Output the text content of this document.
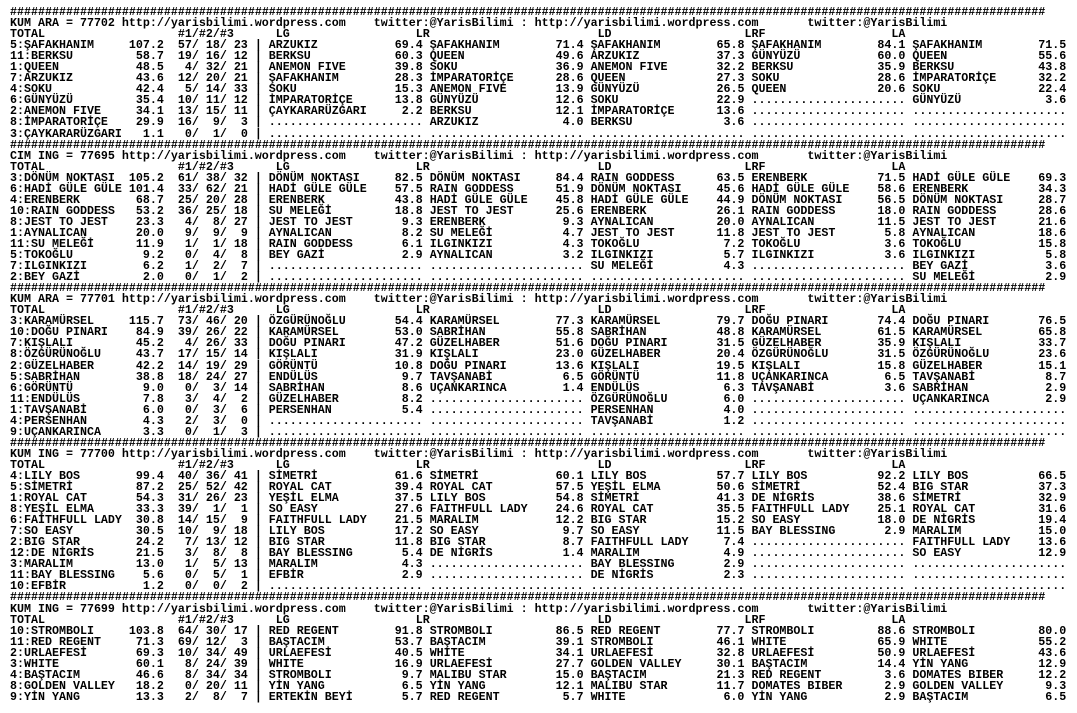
####################################################################################################################################################
KUM ARA = 77702 http://yarisbilimi.wordpress.com twitter:@YarisBilimi : http://yarisbilimi.wordpress.com	twitter:@YarisBilimi
TOTAL	#1/#2/#3	LG	LR	LD	LRF	LA
5:ŞAFAKHANIM	107.2	57 / 18 / 23 | ARZUKIZ	69.4 ŞAFAKHANIM	71.4 ŞAFAKHANIM	65.8 ŞAFAKHANIM	84.1 ŞAFAKHANIM	71.5
11:BERKSU	58.7	19 / 16 / 12 | BERKSU	60.3 QUEEN	49.6 ARZUKIZ	37.3 GÜNYÜZÜ	60.0 QUEEN	55.6
1:QUEEN	48.5	4 / 32 / 21 | ANEMON FIVE	39.8 SOKU	36.9 ANEMON FIVE	32.2 BERKSU	35.9 BERKSU	43.8
7:ARZUKIZ	43.6	12 / 20 / 21 | ŞAFAKHANIM	28.3 İMPARATORİÇE	28.6 QUEEN	27.3 SOKU	28.6 İMPARATORİÇE	32.2
4:SOKU	42.4	5 / 14 / 33 | SOKU	15.3 ANEMON FIVE	13.9 GÜNYÜZÜ	26.5 QUEEN	20.6 SOKU	22.4
6:GÜNYÜZÜ	35.4	10 / 11 / 12 | İMPARATORİÇE	13.8 GÜNYÜZÜ	12.6 SOKU	22.9 ...................... GÜNYÜZÜ	3.6
2:ANEMON FIVE	34.1	13 / 15 / 11 | ÇAYKARARÜZGARI	2.2 BERKSU	12.1 İMPARATORİÇE	13.6 ...................... ......................
8:İMPARATORİÇE	29.9	16 /	9 /	3 | ...................... ARZUKIZ	4.0 BERKSU	3.6 ...................... ......................
3:ÇAYKARARÜZGARI	1.1	0 /	1 /	0 | ...................... ...................... ...................... ...................... ......................
####################################################################################################################################################
CIM ING = 77695 http://yarisbilimi.wordpress.com twitter:@YarisBilimi : http://yarisbilimi.wordpress.com	twitter:@YarisBilimi
TOTAL	#1/#2/#3	LG	LR	LD	LRF	LA
3:DÖNÜM NOKTASI	105.2	61 / 38 / 32 | DÖNÜM NOKTASI	82.5 DÖNÜM NOKTASI	84.4 RAIN GODDESS	63.5 ERENBERK	71.5 HADİ GÜLE GÜLE 69.3
6:HADİ GÜLE GÜLE 101.4	33 / 62 / 21 | HADİ GÜLE GÜLE 57.5 RAIN GODDESS	51.9 DÖNÜM NOKTASI	45.6 HADİ GÜLE GÜLE 58.6 ERENBERK	34.3
4:ERENBERK	68.7	25 / 20 / 28 | ERENBERK	43.8 HADİ GÜLE GÜLE 45.8 HADİ GÜLE GÜLE 44.9 DÖNÜM NOKTASI	56.5 DÖNÜM NOKTASI	28.7
10:RAIN GODDESS	53.2	36 / 25 / 18 | SU MELEĞİ	18.8 JEST TO JEST	25.6 ERENBERK	26.1 RAIN GODDESS	18.0 RAIN GODDESS	28.6
8:JEST TO JEST	23.3	4 /	8 / 27 | JEST TO JEST	9.3 ERENBERK	9.3 AYNALICAN	20.0 AYNALICAN	11.5 JEST TO JEST	21.6
1:AYNALICAN	20.0	9 /	9 /	9 | AYNALICAN	8.2 SU MELEĞİ	4.7 JEST TO JEST	11.8 JEST TO JEST	5.8 AYNALICAN	18.6
11:SU MELEĞİ	11.9	1 /	1 / 18 | RAIN GODDESS	6.1 ILGINKIZI	4.3 TOKOĞLU	7.2 TOKOĞLU	3.6 TOKOĞLU	15.8
5:TOKOĞLU	9.2	0 /	4 /	8 | BEY GAZİ	2.9 AYNALICAN	3.2 ILGINKIZI	5.7 ILGINKIZI	3.6 ILGINKIZI	5.8
7:ILGINKIZI	6.2	1 /	2 /	7 | ...................... ...................... SU MELEĞİ	4.3 ...................... BEY GAZİ	3.6
2:BEY GAZİ	2.0	0 /	1 /	2 | ...................... ...................... ...................... ...................... SU MELEĞİ	2.9
####################################################################################################################################################
KUM ARA = 77701 http://yarisbilimi.wordpress.com twitter:@YarisBilimi : http://yarisbilimi.wordpress.com	twitter:@YarisBilimi
TOTAL	#1/#2/#3	LG	LR	LD	LRF	LA
3:KARAMÜRSEL	115.7	73 / 46 / 20 | ÖZGÜRÜNOĞLU	54.4 KARAMÜRSEL	77.3 KARAMÜRSEL	79.7 DOĞU PINARI	74.4 DOĞU PINARI	76.5
10:DOĞU PINARI	84.9	39 / 26 / 22 | KARAMÜRSEL	53.0 SABRİHAN	55.8 SABRİHAN	48.8 KARAMÜRSEL	61.5 KARAMÜRSEL	65.8
7:KIŞLALI	45.2	4 / 26 / 33 | DOĞU PINARI	47.2 GÜZELHABER	51.6 DOĞU PINARI	31.5 GÜZELHABER	35.9 KIŞLALI	33.7
8:ÖZGÜRÜNOĞLU	43.7	17 / 15 / 14 | KIŞLALI	31.9 KIŞLALI	23.0 GÜZELHABER	20.4 ÖZGÜRÜNOĞLU	31.5 ÖZGÜRÜNOĞLU	23.6
2:GÜZELHABER	42.2	14 / 19 / 29 | GÖRÜNTÜ	10.8 DOĞU PINARI	13.6 KIŞLALI	19.5 KIŞLALI	15.8 GÜZELHABER	15.1
5:SABRİHAN	38.8	18 / 24 / 27 | ENDÜLÜS	9.7 TAVŞANABİ	6.5 GÖRÜNTÜ	11.8 UÇANKARINCA	6.5 TAVŞANABİ	8.7
6:GÖRÜNTÜ	9.0	0 /	3 / 14 | SABRİHAN	8.6 UÇANKARINCA	1.4 ENDÜLÜS	6.3 TAVŞANABİ	3.6 SABRİHAN	2.9
11:ENDÜLÜS	7.8	3 /	4 /	2 | GÜZELHABER	8.2 ...................... ÖZGÜRÜNOĞLU	6.0 ...................... UÇANKARINCA	2.9
1:TAVŞANABİ	6.0	0 /	3 /	6 | PERSENHAN	5.4 ...................... PERSENHAN	4.0 ...................... ......................
4:PERSENHAN	4.3	2 /	3 /	0 | ...................... ...................... TAVŞANABİ	1.2 ...................... ......................
9:UÇANKARINCA	3.3	0 /	1 /	3 | ...................... ...................... ...................... ...................... ......................
####################################################################################################################################################
KUM ING = 77700 http://yarisbilimi.wordpress.com twitter:@YarisBilimi : http://yarisbilimi.wordpress.com	twitter:@YarisBilimi
TOTAL	#1/#2/#3	LG	LR	LD	LRF	LA
4:LILY BOS	99.4	40 / 36 / 41 | SİMETRİ	61.6 SİMETRİ	60.1 LILY BOS	57.7 LILY BOS	92.2 LILY BOS	66.5
5:SİMETRİ	87.2	25 / 52 / 42 | ROYAL CAT	39.4 ROYAL CAT	57.5 YEŞİL ELMA	50.6 SİMETRİ	52.4 BIG STAR	37.3
1:ROYAL CAT	54.3	31 / 26 / 23 | YEŞİL ELMA	37.5 LILY BOS	54.8 SİMETRİ	41.3 DE NİGRİS	38.6 SİMETRİ	32.9
8:YEŞİL ELMA	33.3	39 /	1 /	1 | SO EASY	27.6 FAITHFULL LADY 24.6 ROYAL CAT	35.5 FAITHFULL LADY 25.1 ROYAL CAT	31.6
6:FAİTHFULL LADY	30.8	14 / 15 /	9 | FAITHFULL LADY 21.5 MARALIM	12.2 BIG STAR	15.2 SO EASY	18.0 DE NİGRİS	19.4
7:SO EASY	30.5	10 /	9 / 18 | LILY BOS	17.2 SO EASY	9.7 SO EASY	11.5 BAY BLESSING	2.9 MARALIM	15.0
2:BIG STAR	24.2	7 / 13 / 12 | BIG STAR	11.8 BIG STAR	8.7 FAITHFULL LADY	7.4 ...................... FAITHFULL LADY 13.6
12:DE NİGRİS	21.5	3 /	8 /	8 | BAY BLESSING	5.4 DE NİGRİS	1.4 MARALIM	4.9 ...................... SO EASY	12.9
3:MARALIM	13.0	1 /	5 / 13 | MARALIM	4.3 ...................... BAY BLESSING	2.9 ...................... ......................
11:BAY BLESSING	5.6	0 /	5 /	1 | EFBİR	2.9 ...................... DE NİGRİS	2.3 ...................... ......................
10:EFBİR	1.2	0 /	0 /	2 | ...................... ...................... ...................... ...................... ......................
####################################################################################################################################################
KUM ING = 77699 http://yarisbilimi.wordpress.com twitter:@YarisBilimi : http://yarisbilimi.wordpress.com	twitter:@YarisBilimi
TOTAL	#1/#2/#3	LG	LR	LD	LRF	LA
10:STROMBOLI	103.8	64 / 30 / 17 | RED REGENT	91.8 STROMBOLI	86.5 RED REGENT	77.7 STROMBOLI	88.6 STROMBOLI	80.0
11:RED REGENT	71.3	69 / 12 /	3 | BAŞTACIM	53.7 BAŞTACIM	39.1 STROMBOLI	46.1 WHITE	65.9 WHITE	55.2
2:URLAEFESİ	69.3	10 / 34 / 49 | URLAEFESİ	40.5 WHITE	34.1 URLAEFESİ	32.8 URLAEFESİ	50.9 URLAEFESİ	43.6
3:WHITE	60.1	8 / 24 / 39 | WHITE	16.9 URLAEFESİ	27.7 GOLDEN VALLEY	30.1 BAŞTACIM	14.4 YİN YANG	12.9
4:BAŞTACIM	46.6	8 / 34 / 34 | STROMBOLI	9.7 MALIBU STAR	15.0 BAŞTACIM	21.3 RED REGENT	3.6 DOMATES BIBER	12.2
8:GOLDEN VALLEY	18.2	0 / 20 / 11 | YİN YANG	6.5 YİN YANG	12.1 MALIBU STAR	11.7 DOMATES BIBER	2.9 GOLDEN VALLEY	9.3
9:YİN YANG	13.3	2 /	8 /	7 | ERTEKİN BEYİ	5.7 RED REGENT	5.7 WHITE	6.0 YİN YANG	2.9 BAŞTACIM	6.5
